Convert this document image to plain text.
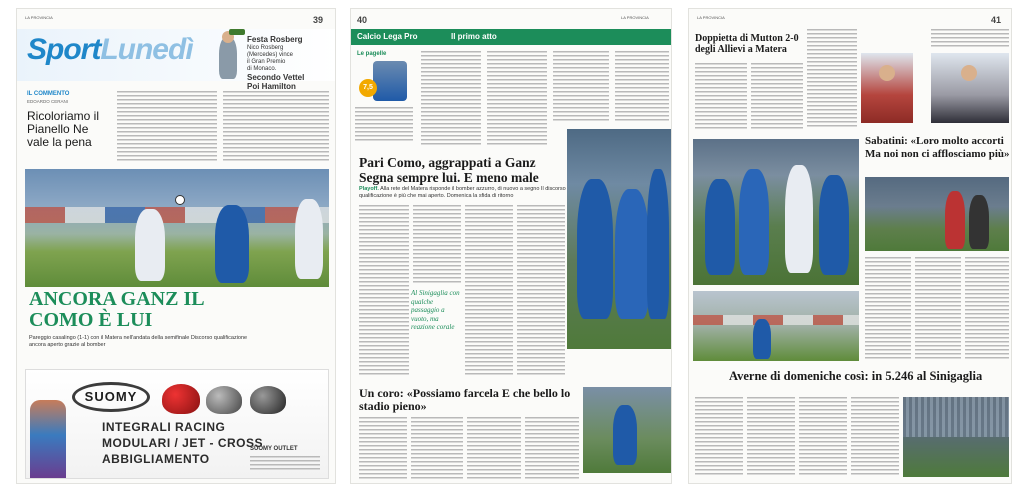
LA PROVINCIA	39
SportLunedì	Festa Rosberg
Nico Rosberg
(Mercedes) vince
il Gran Premio
di Monaco.
Secondo Vettel
Poi Hamilton
IL COMMENTO
EDOARDO CERANI
Ricoloriamo il Pianello Ne vale la pena
ANCORA GANZ IL COMO È LUI
Pareggio casalingo (1-1) con il Matera nell'andata della semifinale Discorso qualificazione ancora aperto grazie al bomber
SUOMY
INTEGRALI RACING
MODULARI / JET - CROSS
ABBIGLIAMENTO
SUOMY OUTLET
40	LA PROVINCIA
Calcio Lega Pro	Il primo atto
Le pagelle
7,5
Pari Como, aggrappati a Ganz Segna sempre lui. E meno male
Playoff. Alla rete del Matera risponde il bomber azzurro, di nuovo a segno Il discorso qualificazione è più che mai aperto. Domenica la sfida di ritorno
Al Sinigaglia con qualche passaggio a vuoto, ma reazione corale
Un coro: «Possiamo farcela E che bello lo stadio pieno»
LA PROVINCIA	41
Doppietta di Mutton 2-0 degli Allievi a Matera
Sabatini: «Loro molto accorti Ma noi non ci afflosciamo più»
Averne di domeniche così: in 5.246 al Sinigaglia
